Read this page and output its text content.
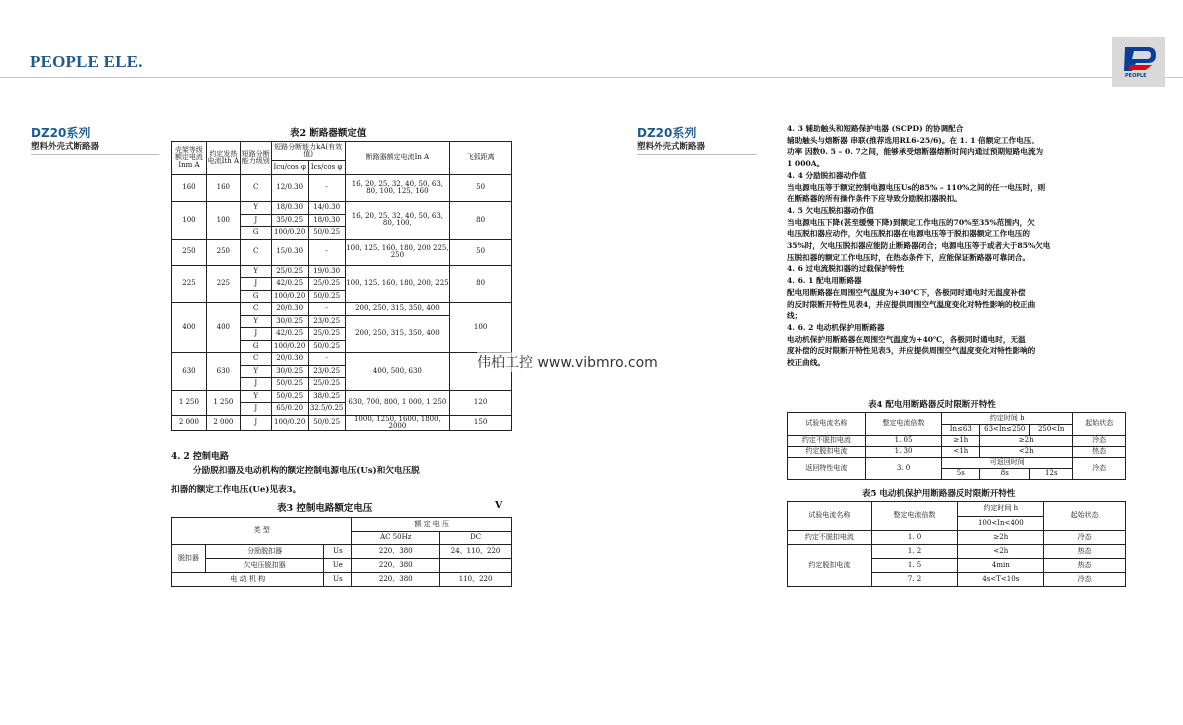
PEOPLE ELE.
PEOPLE
DZ20系列
塑料外壳式断路器
表2 断路器额定值
壳架等级额定电流Inm A	约定发热电流Ith A	短路分断能力级别	短路分断能力kA(有效值)		断路器额定电流In A	飞弧距离
			Icu/cos φ	Ics/cos φ		
160	160	C	12/0.30	-	16, 20, 25, 32, 40, 50, 63, 80, 100, 125, 160	50
100	100	Y	18/0.30	14/0.30	16, 20, 25, 32, 40, 50, 63, 80, 100,	80
		J	35/0.25	18/0.30		
		G	100/0.20	50/0.25		
250	250	C	15/0.30	-	100, 125, 160, 180, 200 225, 250	50
225	225	Y	25/0.25	19/0.30	100, 125, 160, 180, 200, 225	80
		J	42/0.25	25/0.25		
		G	100/0.20	50/0.25		
400	400	C	20/0.30	-	200, 250, 315, 350, 400	100
		Y	30/0.25	23/0.25	200, 250, 315, 350, 400	
		J	42/0.25	25/0.25		
		G	100/0.20	50/0.25		
630	630	C	20/0.30	-	400, 500, 630	
		Y	30/0.25	23/0.25		
		J	50/0.25	25/0.25		
1 250	1 250	Y	50/0.25	38/0.25	630, 700, 800, 1 000, 1 250	120
		J	65/0.20	32.5/0.25		
2 000	2 000	J	100/0.20	50/0.25	1000, 1250, 1600, 1800, 2000	150
4. 2 控制电路
分励脱扣器及电动机构的额定控制电源电压(Us)和欠电压脱
扣器的额定工作电压(Ue)见表3。
表3 控制电路额定电压	V
类 型			额 定 电 压	
			AC 50Hz	DC
脱扣器	分励脱扣器	Us	220、380	24、110、220
	欠电压脱扣器	Ue	220、380	
电 动 机 构		Us	220、380	110、220
DZ20系列
塑料外壳式断路器

4. 3 辅助触头和短路保护电器 (SCPD) 的协调配合

辅助触头与熔断器 串联(推荐选用RL6-25/6)。在 1. 1 倍额定工作电压、

功率 因数0. 5 – 0. 7之间，能够承受熔断器熔断时间内通过预期短路电流为

1 000A。

4. 4 分励脱扣器动作值

当电源电压等于额定控制电源电压Us的85% – 110%之间的任一电压时，则

在断路器的所有操作条件下应导致分励脱扣器脱扣。

4. 5 欠电压脱扣器动作值

当电源电压下降(甚至缓慢下降)到额定工作电压的70%至35%范围内，欠

电压脱扣器应动作，欠电压脱扣器在电源电压等于脱扣器额定工作电压的

35%时，欠电压脱扣器应能防止断路器闭合；电源电压等于或者大于85%欠电

压脱扣器的额定工作电压时，在热态条件下，应能保证断路器可靠闭合。

4. 6 过电流脱扣器的过载保护特性

4. 6. 1 配电用断路器

配电用断路器在周围空气温度为+30℃下，各极同时通电时无温度补偿

的反时限断开特性见表4，并应提供周围空气温度变化对特性影响的校正曲

线；

4. 6. 2 电动机保护用断路器

电动机保护用断路器在周围空气温度为+40℃，各极同时通电时，无温

度补偿的反时限断开特性见表5，并应提供周围空气温度变化对特性影响的

校正曲线。

表4 配电用断路器反时限断开特性
试验电流名称	整定电流倍数	约定时间 h			起始状态
		In≤63	63<In≤250	250<In	
约定不脱扣电流	1. 05	≥1h	≥2h		冷态
约定脱扣电流	1. 30	<1h	<2h		热态
返回特性电流	3. 0	可返回时间			冷态
		5s	8s	12s	
表5 电动机保护用断路器反时限断开特性
试验电流名称	整定电流倍数	约定时间 h	起始状态
		100<In<400	
约定不脱扣电流	1. 0	≥2h	冷态
约定脱扣电流	1. 2	<2h	热态
	1. 5	4min	热态
	7. 2	4s<T<10s	冷态
伟柏工控 www.vibmro.com
